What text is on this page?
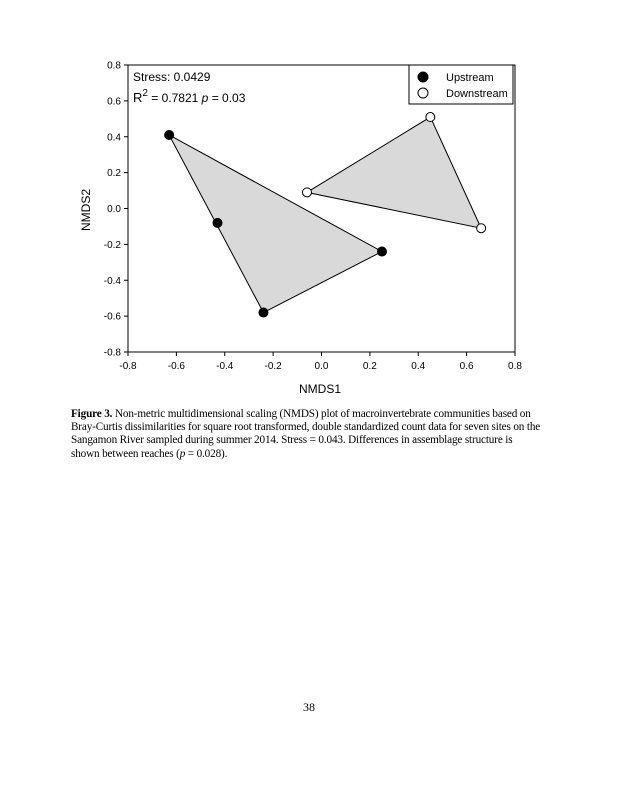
-0.8	-0.6	-0.4	-0.2	0.0	0.2	0.4	0.6	0.8
-0.8
-0.6
-0.4
-0.2
0.0
0.2
0.4
0.6
0.8
NMDS1
NMDS2
Stress: 0.0429
$R^2 = 0.7821$ p = 0.03
Upstream
Downstream
Figure 3. Non-metric multidimensional scaling (NMDS) plot of macroinvertebrate communities based on Bray-Curtis dissimilarities for square root transformed, double standardized count data for seven sites on the Sangamon River sampled during summer 2014. Stress = 0.043. Differences in assemblage structure is shown between reaches (p = 0.028).
38
